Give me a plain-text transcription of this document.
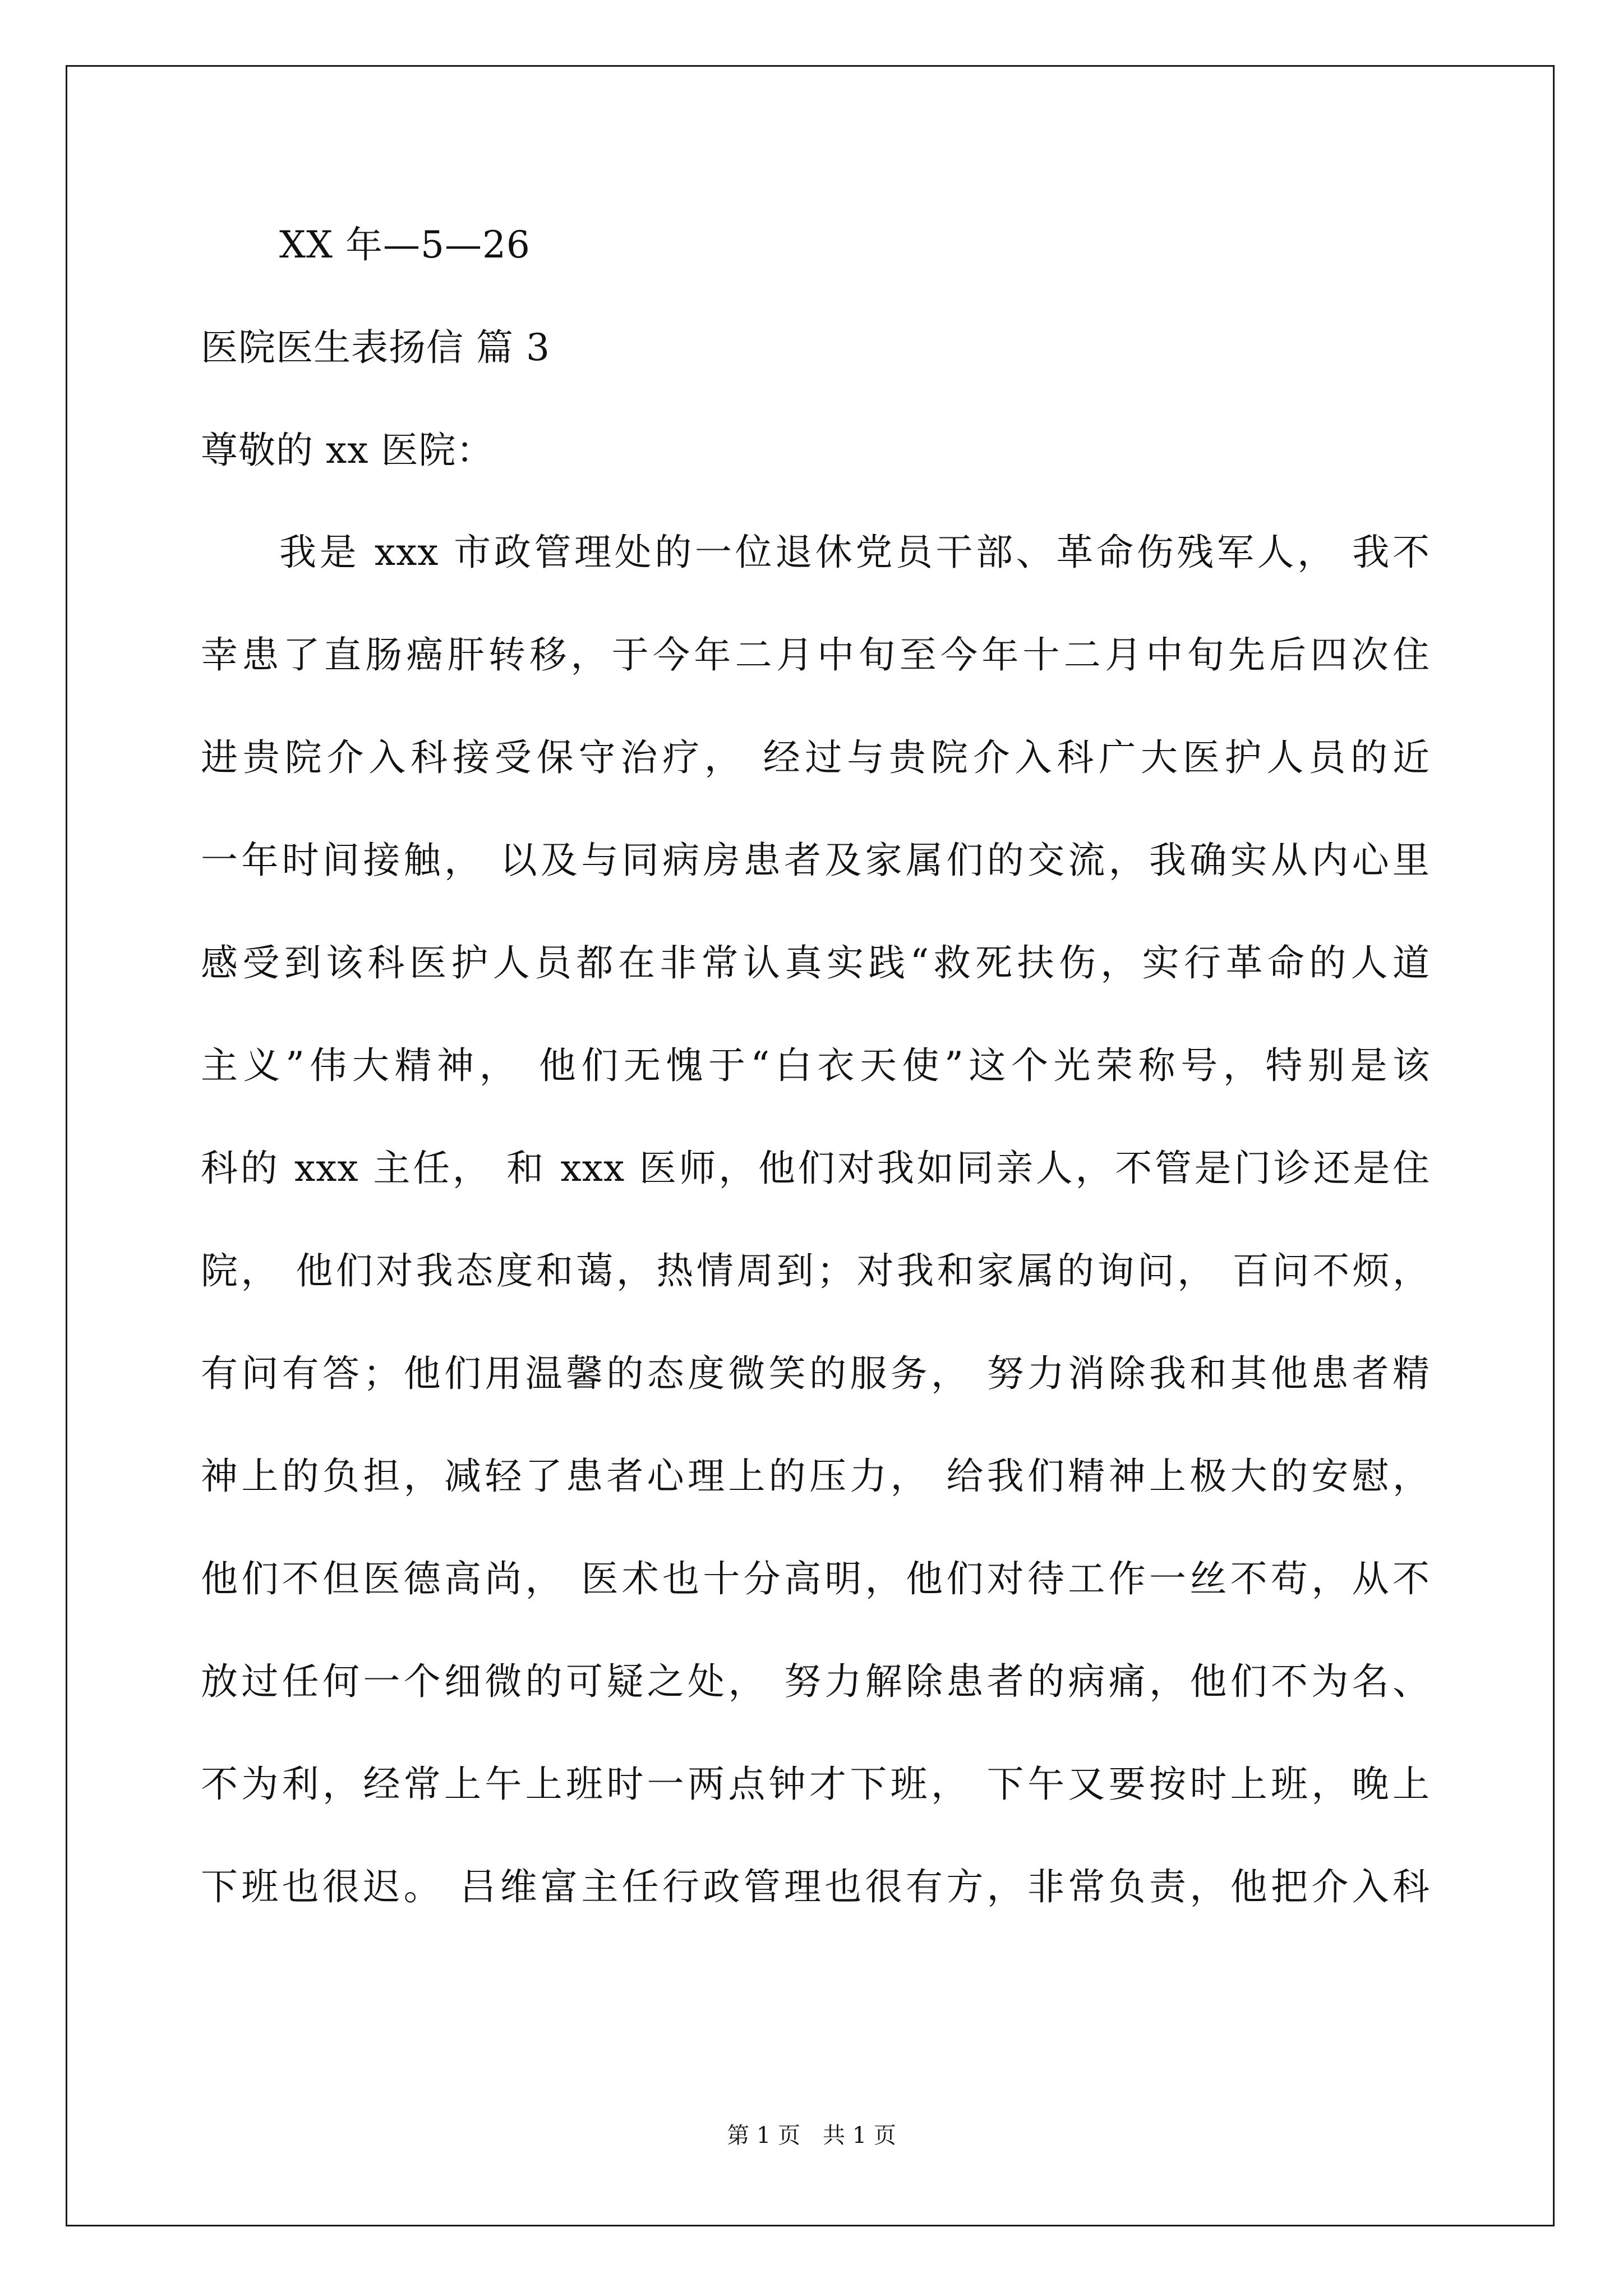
XX 年—5—26
医院医生表扬信 篇 3
尊敬的 xx 医院：
我是 xxx 市政管理处的一位退休党员干部、革命伤残军人， 我不
幸患了直肠癌肝转移，于今年二月中旬至今年十二月中旬先后四次住
进贵院介入科接受保守治疗， 经过与贵院介入科广大医护人员的近
一年时间接触， 以及与同病房患者及家属们的交流，我确实从内心里
感受到该科医护人员都在非常认真实践“救死扶伤，实行革命的人道
主义”伟大精神， 他们无愧于“白衣天使”这个光荣称号，特别是该
科的 xxx 主任， 和 xxx 医师，他们对我如同亲人，不管是门诊还是住
院， 他们对我态度和蔼，热情周到；对我和家属的询问， 百问不烦，
有问有答；他们用温馨的态度微笑的服务， 努力消除我和其他患者精
神上的负担，减轻了患者心理上的压力， 给我们精神上极大的安慰，
他们不但医德高尚， 医术也十分高明，他们对待工作一丝不苟，从不
放过任何一个细微的可疑之处， 努力解除患者的病痛，他们不为名、
不为利，经常上午上班时一两点钟才下班， 下午又要按时上班，晚上
下班也很迟。 吕维富主任行政管理也很有方，非常负责，他把介入科
第 1 页　共 1 页
